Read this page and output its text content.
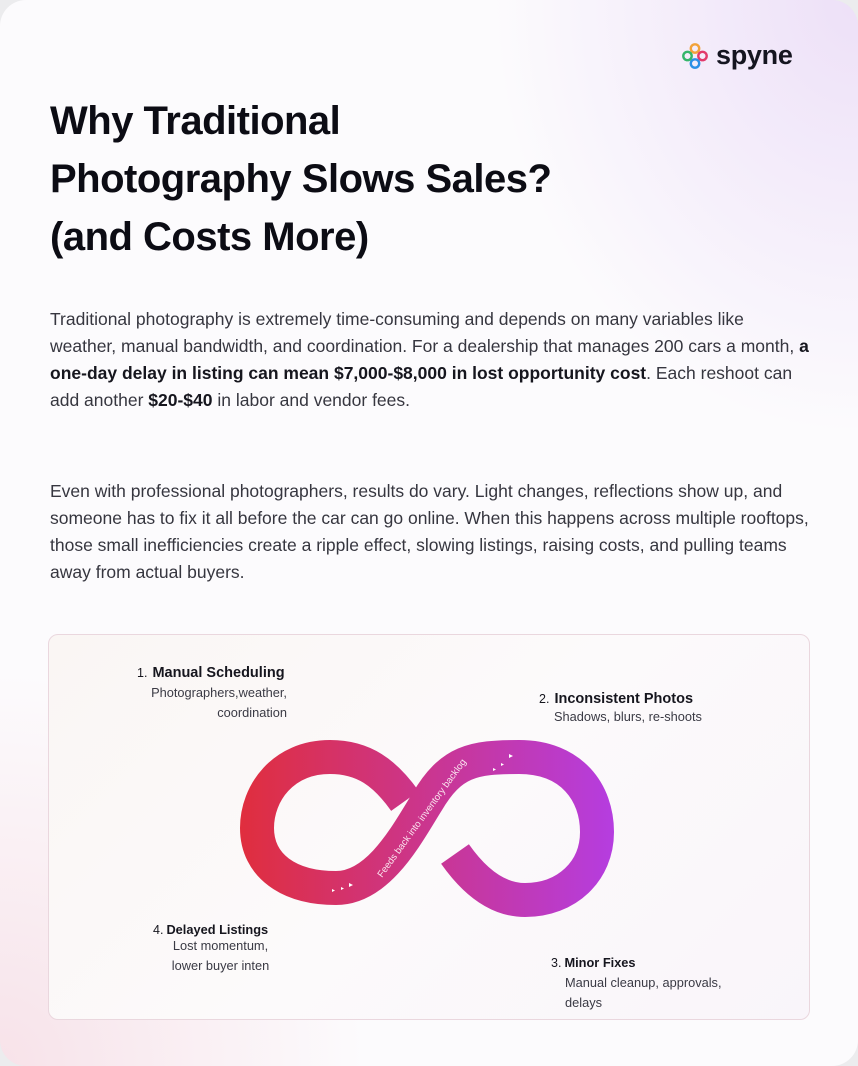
spyne
Why Traditional
Photography Slows Sales?
(and Costs More)

Traditional photography is extremely time-consuming and depends on many variables like weather, manual bandwidth, and coordination. For a dealership that manages 200 cars a month, a one-day delay in listing can mean $7,000-$8,000 in lost opportunity cost. Each reshoot can add another $20-$40 in labor and vendor fees.

Even with professional photographers, results do vary. Light changes, reflections show up, and someone has to fix it all before the car can go online. When this happens across multiple rooftops, those small inefficiencies create a ripple effect, slowing listings, raising costs, and pulling teams away from actual buyers.

Feeds back into inventory backlog
1. Manual Scheduling
Photographers,weather,
coordination
2. Inconsistent Photos
Shadows, blurs, re-shoots
3. Minor Fixes
Manual cleanup, approvals,
delays
4. Delayed Listings
Lost momentum,
lower buyer inten
